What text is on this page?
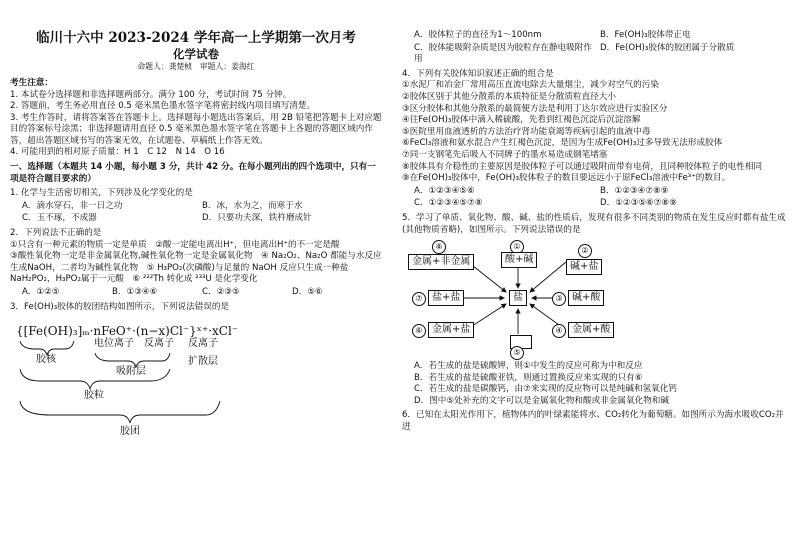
临川十六中 2023-2024 学年高一上学期第一次月考

化学试卷

命题人：龚楚桢　审题人：姜海红

考生注意：

1. 本试卷分选择题和非选择题两部分。满分 100 分，考试时间 75 分钟。

2. 答题前，考生务必用直径 0.5 毫米黑色墨水签字笔将密封线内项目填写清楚。

3. 考生作答时，请将答案答在答题卡上。选择题每小题选出答案后，用 2B 铅笔把答题卡上对应题目的答案标号涂黑；非选择题请用直径 0.5 毫米黑色墨水签字笔在答题卡上各题的答题区域内作答，超出答题区域书写的答案无效，在试题卷、草稿纸上作答无效。

4. 可能用到的相对原子质量：H 1　C 12　N 14　O 16

一、选择题（本题共 14 小题，每小题 3 分，共计 42 分。在每小题列出的四个选项中，只有一项是符合题目要求的）

1. 化学与生活密切相关，下列涉及化学变化的是

A．滴水穿石，非一日之功	B．冰，水为之，而寒于水
C．玉不琢，不成器	D．只要功夫深，铁杵磨成针

2．下列说法不正确的是

①只含有一种元素的物质一定是单质　②酸一定能电离出H⁺，但电离出H⁺的不一定是酸

③酸性氧化物一定是非金属氧化物,碱性氧化物一定是金属氧化物　④ Na₂O₂、Na₂O 都能与水反应生成NaOH，二者均为碱性氧化物　⑤ H₃PO₂(次磷酸)与足量的 NaOH 反应只生成一种盐 NaH₂PO₂，H₃PO₂属于一元酸　⑥ ²²²Th 转化成 ²³³U 是化学变化

A．①②⑤	B．①③④⑥	C．②③⑤	D．⑤⑥

3．Fe(OH)₃胶体的胶团结构如图所示，下列说法错误的是

{[Fe(OH)₃]ₘ·nFeO⁺·(n−x)Cl⁻}ˣ⁺·xCl⁻
胶核
电位离子 反离子
吸附层
反离子
扩散层
胶粒
胶团
A．胶体粒子的直径为1～100nm	B．Fe(OH)₃胶体带正电
C．胶体能吸附杂质是因为胶粒存在静电吸附作用
D．Fe(OH)₃胶体的胶团属于分散质

4．下列有关胶体知识叙述正确的组合是

①水泥厂和冶金厂常用高压直流电除去大量烟尘，减少对空气的污染

②胶体区别于其他分散系的本质特征是分散质粒直径大小

③区分胶体和其他分散系的最简便方法是利用丁达尔效应进行实验区分

④往Fe(OH)₃胶体中滴入稀硫酸，先看到红褐色沉淀后沉淀溶解

⑤医院里用血液透析的方法治疗肾功能衰竭等疾病引起的血液中毒

⑥FeCl₃溶液和氨水混合产生红褐色沉淀，是因为生成Fe(OH)₃过多导致无法形成胶体

⑦同一支钢笔先后吸入不同牌子的墨水易造成钢笔堵塞

⑧胶体具有介稳性的主要原因是胶体粒子可以通过吸附而带有电荷，且同种胶体粒子的电性相同

⑨在Fe(OH)₃胶体中，Fe(OH)₃胶体粒子的数目要远远小于原FeCl₃溶液中Fe³⁺的数目。

A．①②③④⑤⑥	B．①②③④⑦⑧⑨
C．①②③④⑤⑦⑧	D．①②③⑤⑥⑦⑧⑨

5．学习了单质、氧化物、酸、碱、盐的性质后，发现有很多不同类别的物质在发生反应时都有盐生成(其他物质省略)，如图所示。下列说法错误的是

①
酸+碱
②
碱+盐
③ 碱+酸
④ 金属+酸
盐
⑤
⑥ 金属+盐
⑦ 盐+盐
⑧
金属+非金属

A．若生成的盐是硫酸钾，则①中发生的反应可称为中和反应

B．若生成的盐是硫酸亚铁，则通过置换反应来实现的只有⑥

C．若生成的盐是碳酸钙，由⑦来实现的反应物可以是纯碱和氢氧化钙

D．图中⑤处补充的文字可以是金属氧化物和酸或非金属氧化物和碱

6．已知在太阳光作用下，植物体内的叶绿素能将水、CO₂转化为葡萄糖。如图所示为海水吸收CO₂并进
